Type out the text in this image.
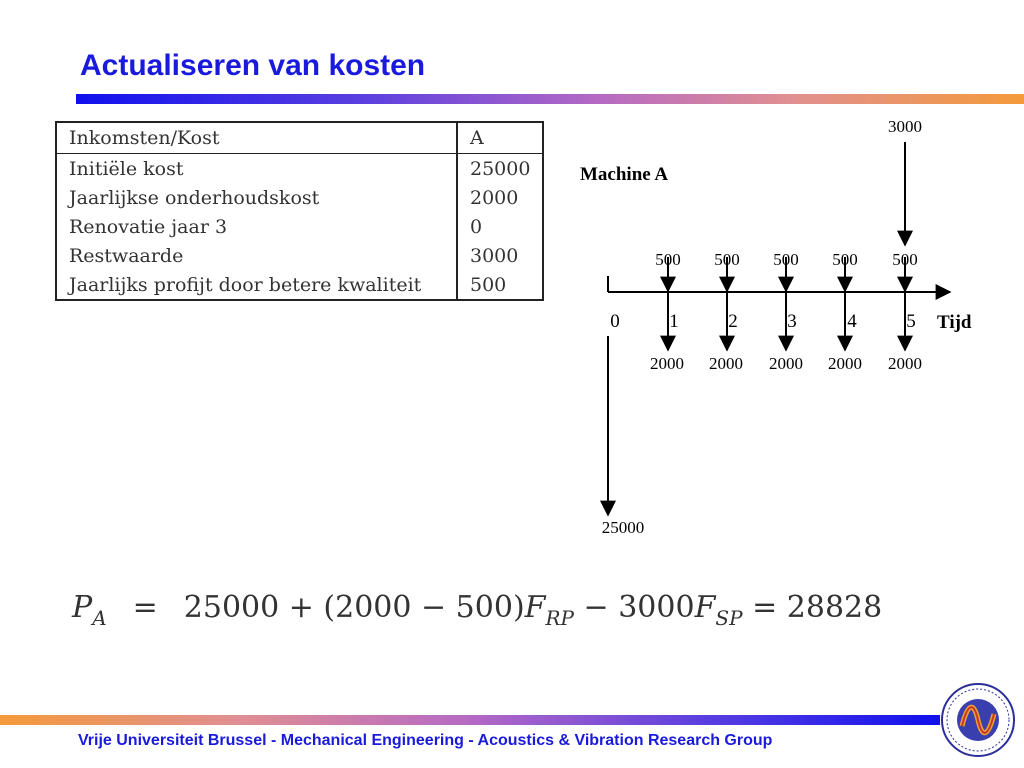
Actualiseren van kosten
Inkomsten/Kost	A
Initiële kost	25000
Jaarlijkse onderhoudskost	2000
Renovatie jaar 3	0
Restwaarde	3000
Jaarlijks profijt door betere kwaliteit	500
Machine A
3000
Tijd
0	1	2	3	4	5
500 500 500 500 500
2000 2000 2000 2000 2000
25000
$P_A = 25000 + (2000 - 500)F_{RP} - 3000F_{SP} = 28828$
Vrije Universiteit Brussel - Mechanical Engineering - Acoustics & Vibration Research Group
